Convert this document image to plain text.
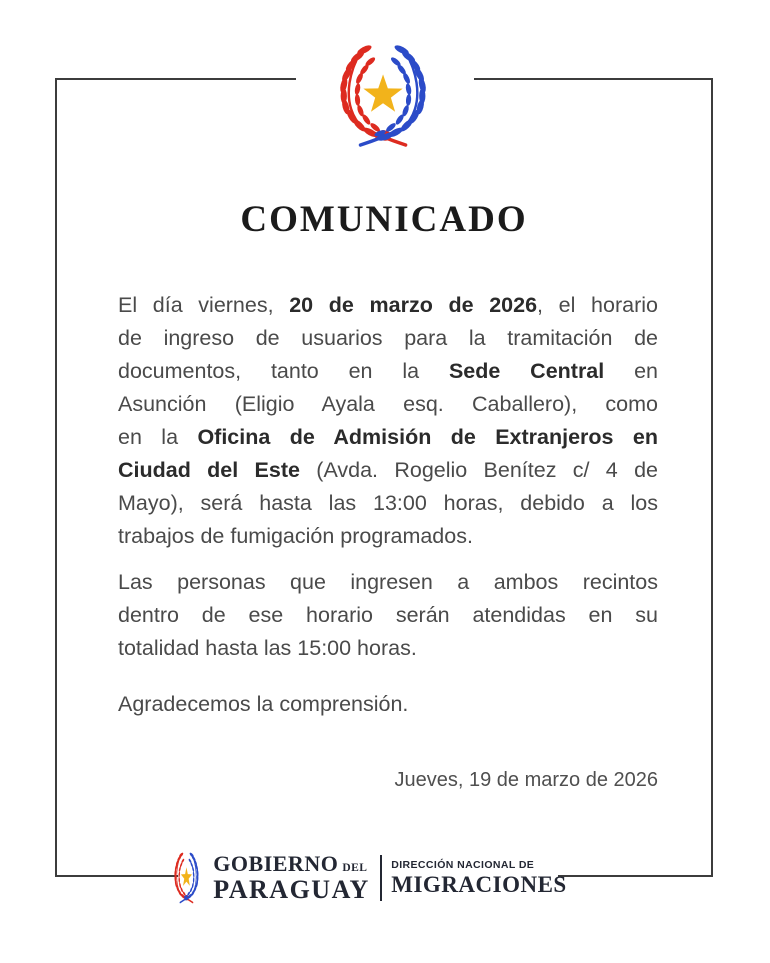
COMUNICADO
El día viernes, 20 de marzo de 2026, el horario
de ingreso de usuarios para la tramitación de
documentos, tanto en la Sede Central en
Asunción (Eligio Ayala esq. Caballero), como
en la Oficina de Admisión de Extranjeros en
Ciudad del Este (Avda. Rogelio Benítez c/ 4 de
Mayo), será hasta las 13:00 horas, debido a los
trabajos de fumigación programados.
Las personas que ingresen a ambos recintos
dentro de ese horario serán atendidas en su
totalidad hasta las 15:00 horas.
Agradecemos la comprensión.
Jueves, 19 de marzo de 2026
GOBIERNO DEL
PARAGUAY
DIRECCIÓN NACIONAL DE
MIGRACIONES
